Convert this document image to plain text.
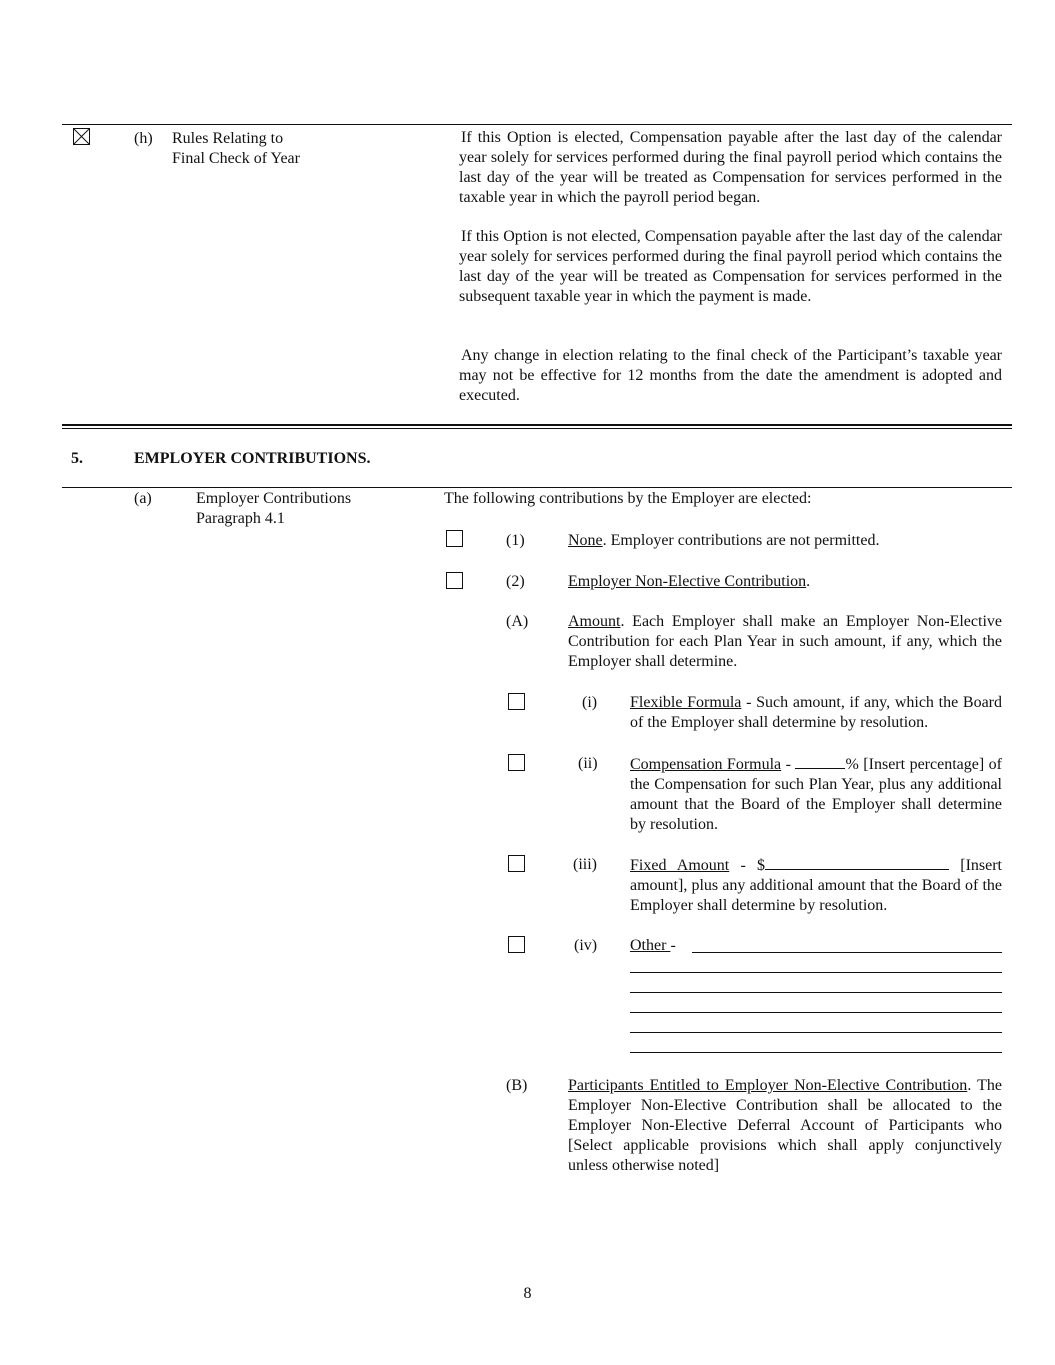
(h) Rules Relating to
Final Check of Year
If this Option is elected, Compensation payable after the last day of the calendar year solely for services performed during the final payroll period which contains the last day of the year will be treated as Compensation for services performed in the taxable year in which the payroll period began.
If this Option is not elected, Compensation payable after the last day of the calendar year solely for services performed during the final payroll period which contains the last day of the year will be treated as Compensation for services performed in the subsequent taxable year in which the payment is made.
Any change in election relating to the final check of the Participant’s taxable year may not be effective for 12 months from the date the amendment is adopted and executed.
5.	EMPLOYER CONTRIBUTIONS.
(a)	Employer Contributions
Paragraph 4.1
The following contributions by the Employer are elected:
(1)	None. Employer contributions are not permitted.
(2)	Employer Non-Elective Contribution.
(A) Amount. Each Employer shall make an Employer Non-Elective Contribution for each Plan Year in such amount, if any, which the Employer shall determine.
(i) Flexible Formula - Such amount, if any, which the Board of the Employer shall determine by resolution.
(ii) Compensation Formula -	% [Insert percentage] of the Compensation for such Plan Year, plus any additional amount that the Board of the Employer shall determine by resolution.
(iii) Fixed Amount - $	[Insert amount], plus any additional amount that the Board of the Employer shall determine by resolution.
(iv) Other -
(B)	Participants Entitled to Employer Non-Elective Contribution. The Employer Non-Elective Contribution shall be allocated to the Employer Non-Elective Deferral Account of Participants who [Select applicable provisions which shall apply conjunctively unless otherwise noted]
8
